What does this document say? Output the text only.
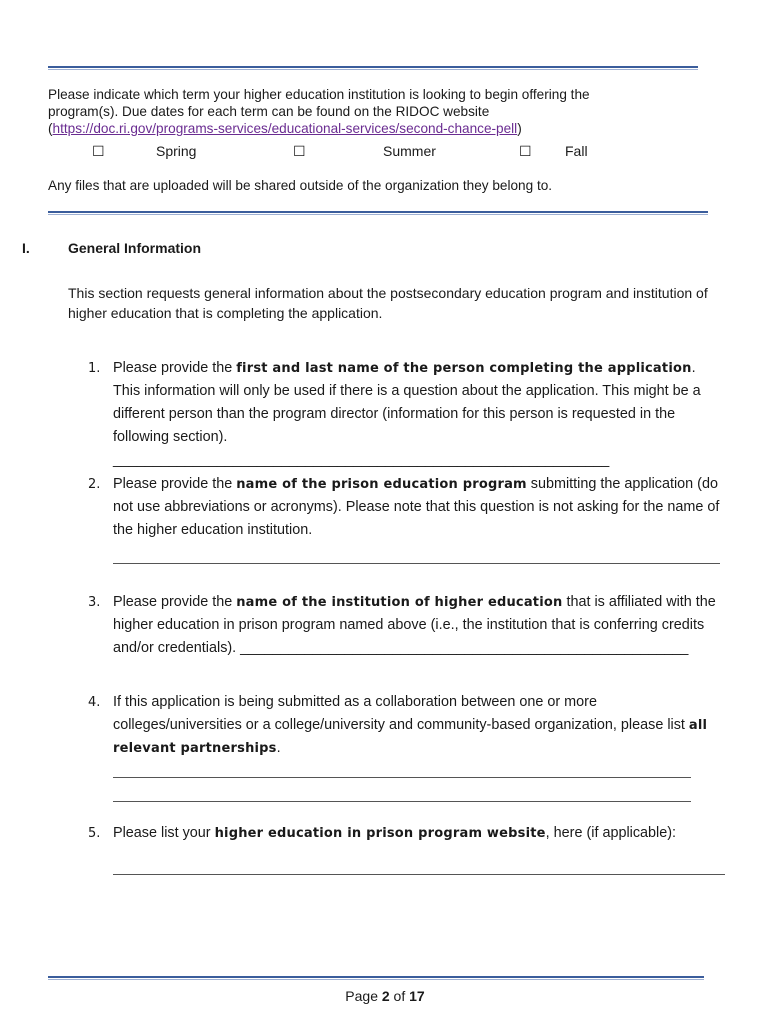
Please indicate which term your higher education institution is looking to begin offering the

program(s). Due dates for each term can be found on the RIDOC website

(https://doc.ri.gov/programs-services/educational-services/second-chance-pell)

☐	Spring	☐	Summer	☐ Fall
Any files that are uploaded will be shared outside of the organization they belong to.
I.	General Information
This section requests general information about the postsecondary education program and institution of higher education that is completing the application.
1. Please provide the first and last name of the person completing the application. This information will only be used if there is a question about the application. This might be a different person than the program director (information for this person is requested in the following section). ______________________________________________________________
2. Please provide the name of the prison education program submitting the application (do not use abbreviations or acronyms). Please note that this question is not asking for the name of the higher education institution.
3. Please provide the name of the institution of higher education that is affiliated with the higher education in prison program named above (i.e., the institution that is conferring credits and/or credentials). ________________________________________________________
4. If this application is being submitted as a collaboration between one or more colleges/universities or a college/university and community-based organization, please list all relevant partnerships.
5. Please list your higher education in prison program website, here (if applicable):
Page 2 of 17
